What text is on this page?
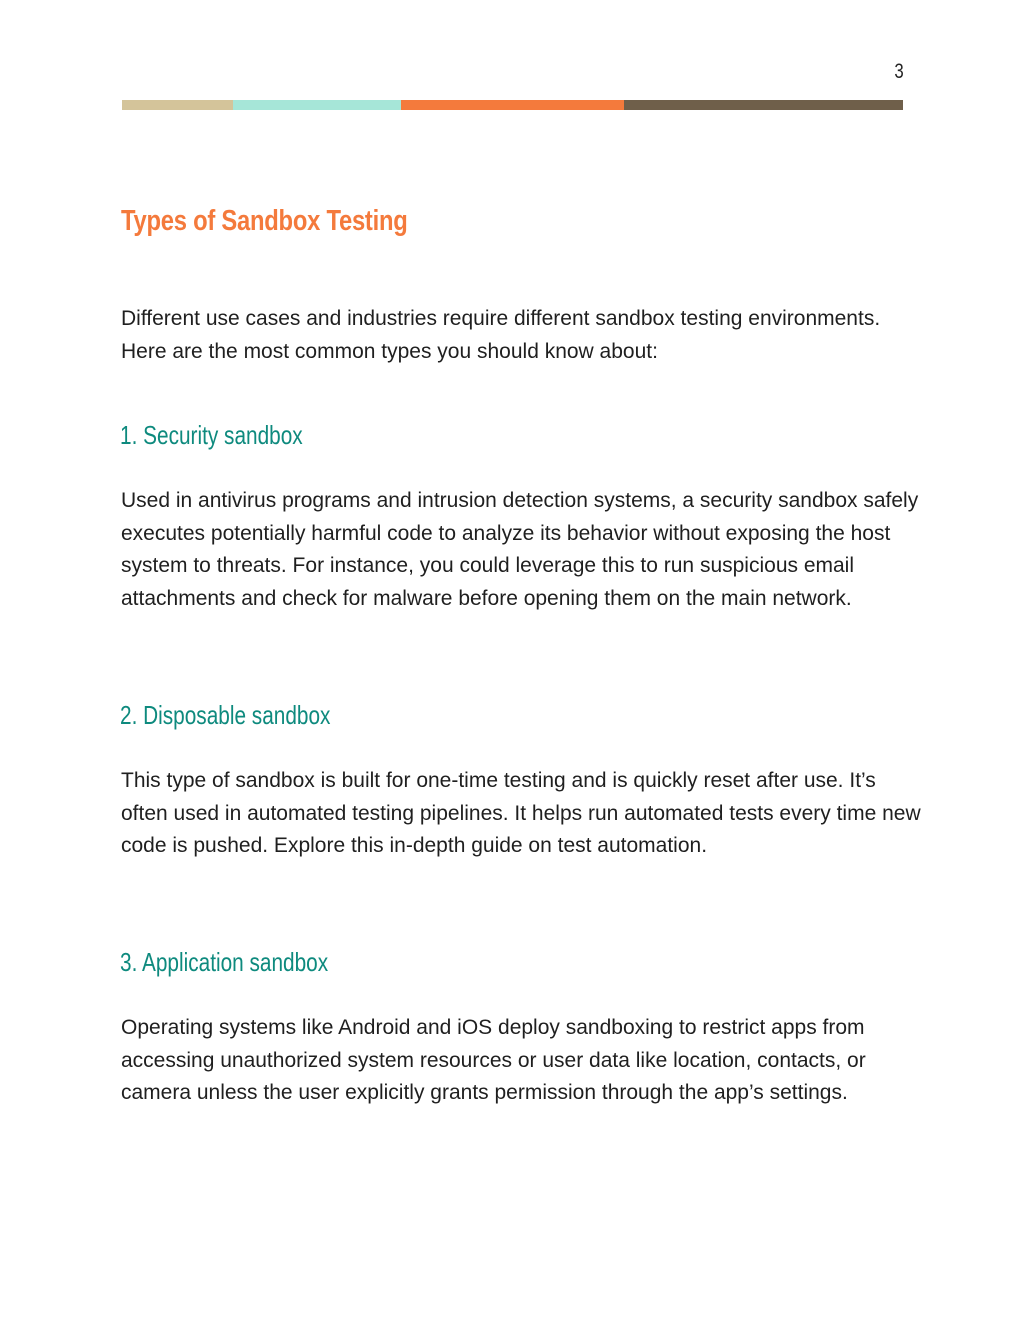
3
Types of Sandbox Testing

Different use cases and industries require different sandbox testing environments. Here are the most common types you should know about:

1. Security sandbox

Used in antivirus programs and intrusion detection systems, a security sandbox safely executes potentially harmful code to analyze its behavior without exposing the host system to threats. For instance, you could leverage this to run suspicious email attachments and check for malware before opening them on the main network.

2. Disposable sandbox

This type of sandbox is built for one-time testing and is quickly reset after use. It’s often used in automated testing pipelines. It helps run automated tests every time new code is pushed. Explore this in-depth guide on test automation.

3. Application sandbox

Operating systems like Android and iOS deploy sandboxing to restrict apps from accessing unauthorized system resources or user data like location, contacts, or camera unless the user explicitly grants permission through the app’s settings.
